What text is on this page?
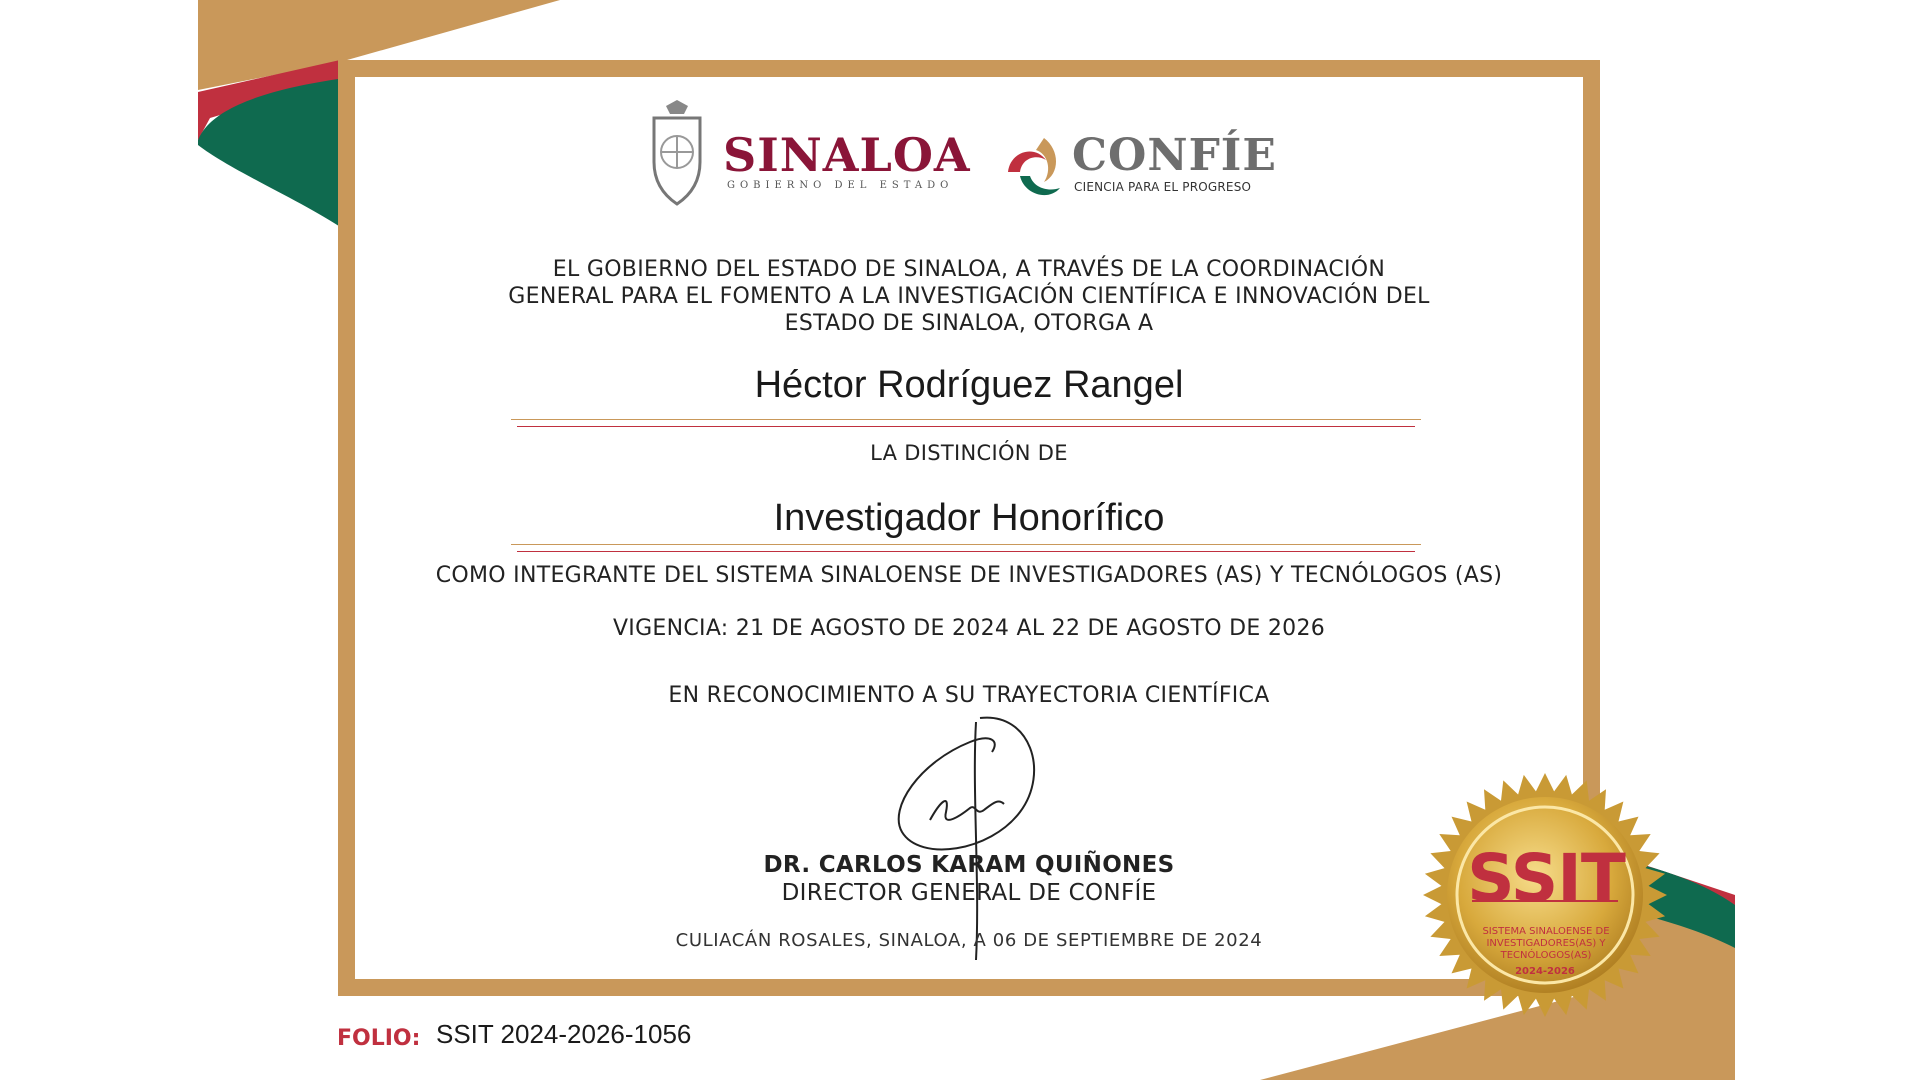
SINALOA
GOBIERNO DEL ESTADO
CONFÍE
CIENCIA PARA EL PROGRESO
EL GOBIERNO DEL ESTADO DE SINALOA, A TRAVÉS DE LA COORDINACIÓN
GENERAL PARA EL FOMENTO A LA INVESTIGACIÓN CIENTÍFICA E INNOVACIÓN DEL
ESTADO DE SINALOA, OTORGA A
Héctor Rodríguez Rangel
LA DISTINCIÓN DE
Investigador Honorífico
COMO INTEGRANTE DEL SISTEMA SINALOENSE DE INVESTIGADORES (AS) Y TECNÓLOGOS (AS)
VIGENCIA: 21 DE AGOSTO DE 2024 AL 22 DE AGOSTO DE 2026
EN RECONOCIMIENTO A SU TRAYECTORIA CIENTÍFICA
DR. CARLOS KARAM QUIÑONES
DIRECTOR GENERAL DE CONFÍE
CULIACÁN ROSALES, SINALOA, A 06 DE SEPTIEMBRE DE 2024
SSIT
SISTEMA SINALOENSE DE
INVESTIGADORES(AS) Y
TECNÓLOGOS(AS)
2024-2026
FOLIO: SSIT 2024-2026-1056
